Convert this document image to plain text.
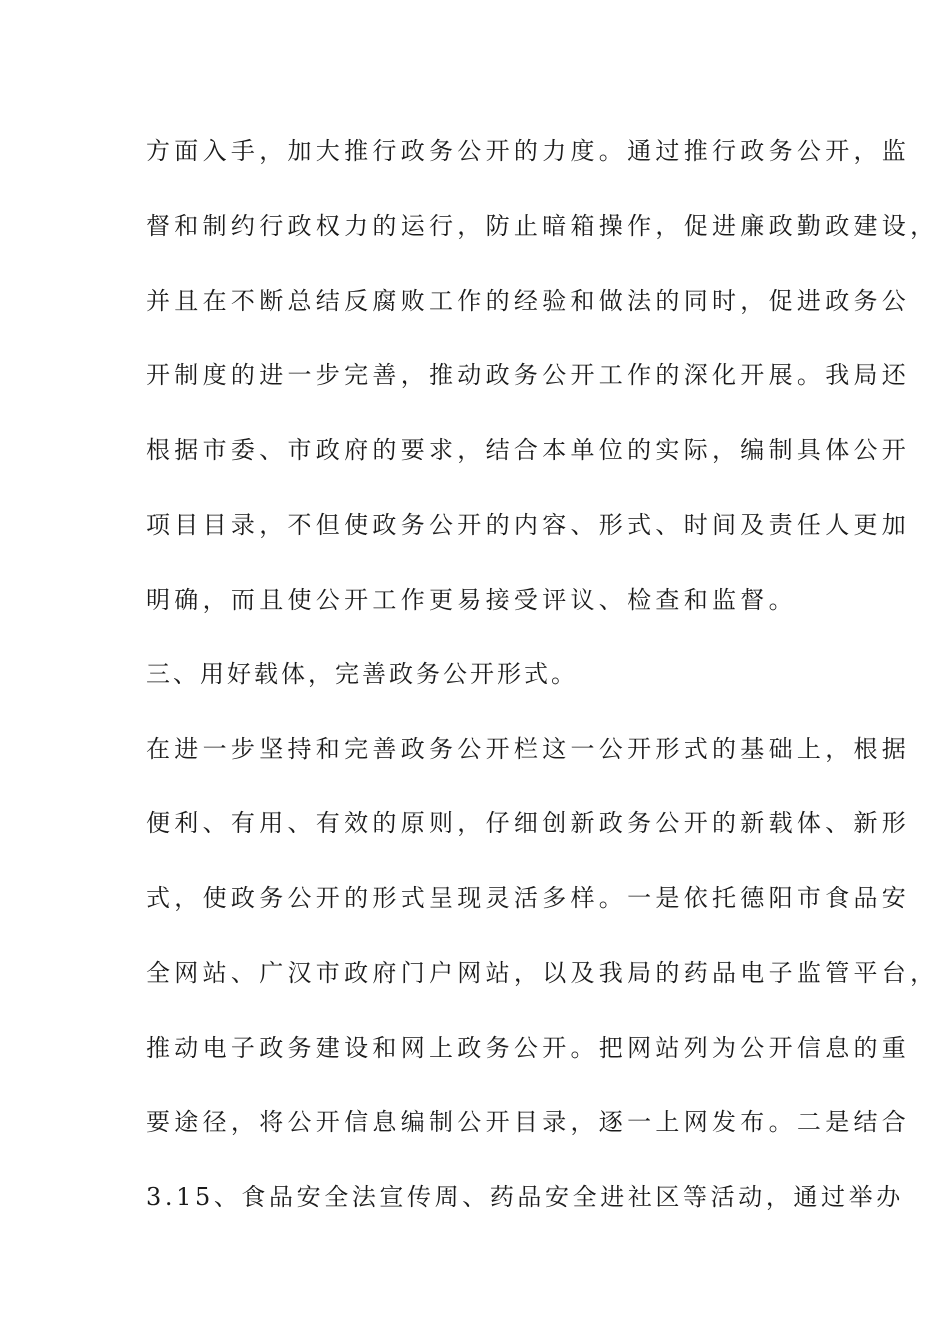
方面入手，加大推行政务公开的力度。通过推行政务公开，监
督和制约行政权力的运行，防止暗箱操作，促进廉政勤政建设，
并且在不断总结反腐败工作的经验和做法的同时，促进政务公
开制度的进一步完善，推动政务公开工作的深化开展。我局还
根据市委、市政府的要求，结合本单位的实际，编制具体公开
项目目录，不但使政务公开的内容、形式、时间及责任人更加
明确，而且使公开工作更易接受评议、检查和监督。
三、用好载体，完善政务公开形式。
在进一步坚持和完善政务公开栏这一公开形式的基础上，根据
便利、有用、有效的原则，仔细创新政务公开的新载体、新形
式，使政务公开的形式呈现灵活多样。一是依托德阳市食品安
全网站、广汉市政府门户网站，以及我局的药品电子监管平台，
推动电子政务建设和网上政务公开。把网站列为公开信息的重
要途径，将公开信息编制公开目录，逐一上网发布。二是结合
3.15、食品安全法宣传周、药品安全进社区等活动，通过举办
